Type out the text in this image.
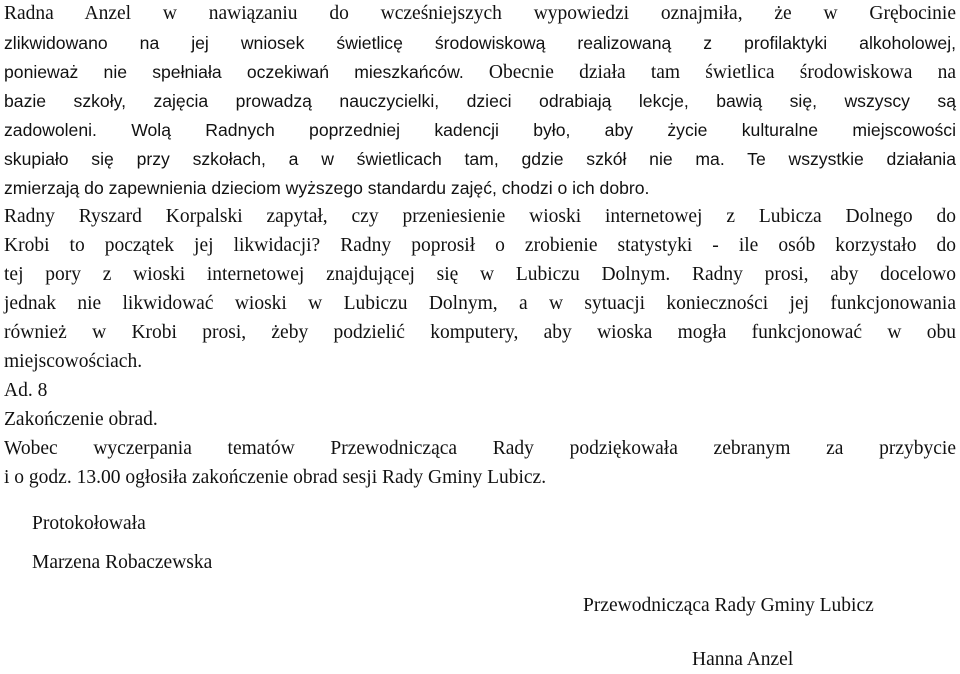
Radna Anzel w nawiązaniu do wcześniejszych wypowiedzi oznajmiła, że w Grębocinie
zlikwidowano na jej wniosek świetlicę środowiskową realizowaną z profilaktyki alkoholowej,
ponieważ nie spełniała oczekiwań mieszkańców. Obecnie działa tam świetlica środowiskowa na
bazie szkoły, zajęcia prowadzą nauczycielki, dzieci odrabiają lekcje, bawią się, wszyscy są
zadowoleni. Wolą Radnych poprzedniej kadencji było, aby życie kulturalne miejscowości
skupiało się przy szkołach, a w świetlicach tam, gdzie szkół nie ma. Te wszystkie działania
zmierzają do zapewnienia dzieciom wyższego standardu zajęć, chodzi o ich dobro.
Radny Ryszard Korpalski zapytał, czy przeniesienie wioski internetowej z Lubicza Dolnego do
Krobi to początek jej likwidacji? Radny poprosił o zrobienie statystyki - ile osób korzystało do
tej pory z wioski internetowej znajdującej się w Lubiczu Dolnym. Radny prosi, aby docelowo
jednak nie likwidować wioski w Lubiczu Dolnym, a w sytuacji konieczności jej funkcjonowania
również w Krobi prosi, żeby podzielić komputery, aby wioska mogła funkcjonować w obu
miejscowościach.
Ad. 8
Zakończenie obrad.
Wobec wyczerpania tematów Przewodnicząca Rady podziękowała zebranym za przybycie
i o godz. 13.00 ogłosiła zakończenie obrad sesji Rady Gminy Lubicz.
Protokołowała
Marzena Robaczewska
Przewodnicząca Rady Gminy Lubicz
Hanna Anzel
